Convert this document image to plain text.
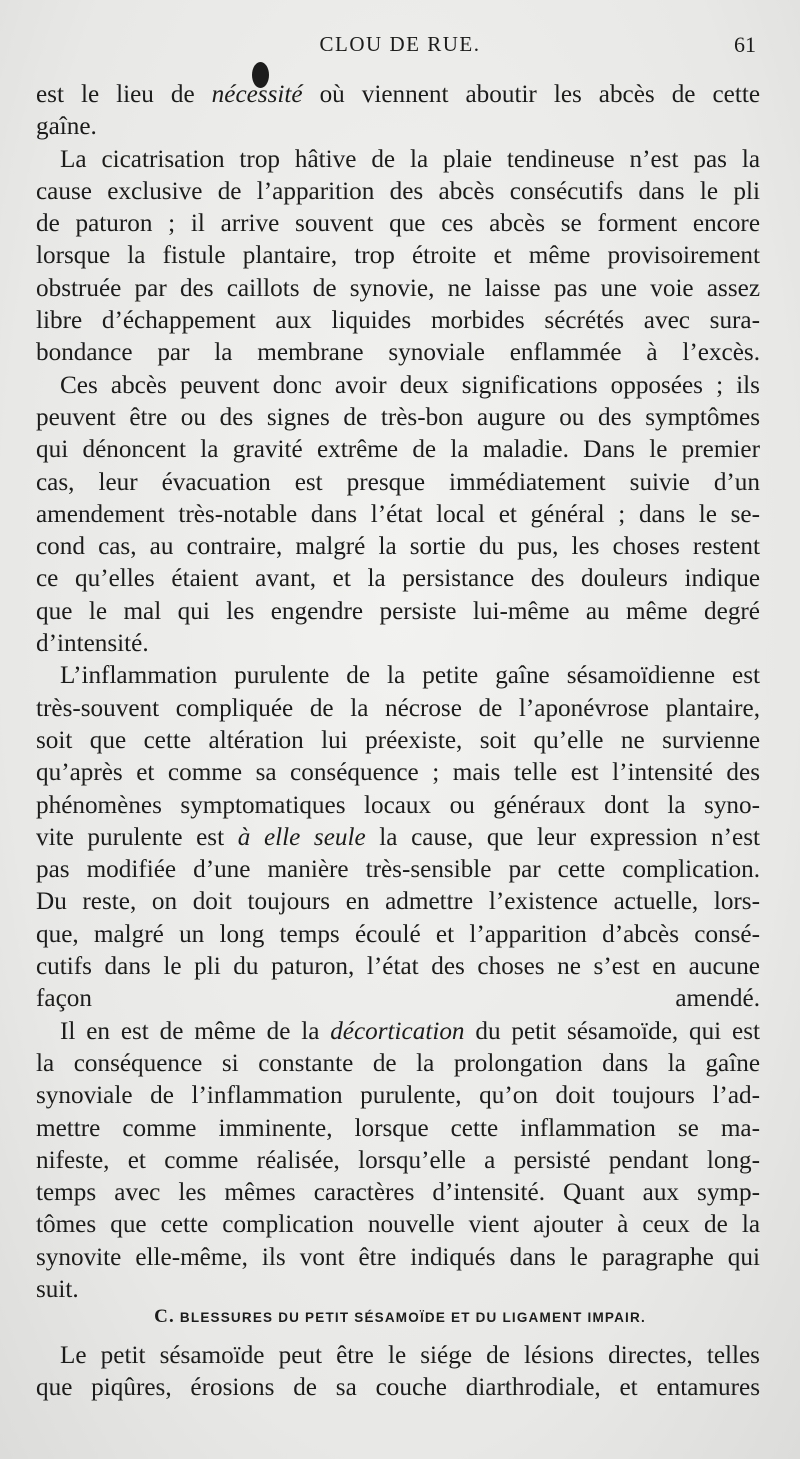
CLOU DE RUE.	61
est le lieu de nécessité où viennent aboutir les abcès de cette
gaîne.
La cicatrisation trop hâtive de la plaie tendineuse n’est pas la
cause exclusive de l’apparition des abcès consécutifs dans le pli
de paturon ; il arrive souvent que ces abcès se forment encore
lorsque la fistule plantaire, trop étroite et même provisoirement
obstruée par des caillots de synovie, ne laisse pas une voie assez
libre d’échappement aux liquides morbides sécrétés avec sura-
bondance par la membrane synoviale enflammée à l’excès.
Ces abcès peuvent donc avoir deux significations opposées ; ils
peuvent être ou des signes de très-bon augure ou des symptômes
qui dénoncent la gravité extrême de la maladie. Dans le premier
cas, leur évacuation est presque immédiatement suivie d’un
amendement très-notable dans l’état local et général ; dans le se-
cond cas, au contraire, malgré la sortie du pus, les choses restent
ce qu’elles étaient avant, et la persistance des douleurs indique
que le mal qui les engendre persiste lui-même au même degré
d’intensité.
L’inflammation purulente de la petite gaîne sésamoïdienne est
très-souvent compliquée de la nécrose de l’aponévrose plantaire,
soit que cette altération lui préexiste, soit qu’elle ne survienne
qu’après et comme sa conséquence ; mais telle est l’intensité des
phénomènes symptomatiques locaux ou généraux dont la syno-
vite purulente est à elle seule la cause, que leur expression n’est
pas modifiée d’une manière très-sensible par cette complication.
Du reste, on doit toujours en admettre l’existence actuelle, lors-
que, malgré un long temps écoulé et l’apparition d’abcès consé-
cutifs dans le pli du paturon, l’état des choses ne s’est en aucune
façon amendé.
Il en est de même de la décortication du petit sésamoïde, qui est
la conséquence si constante de la prolongation dans la gaîne
synoviale de l’inflammation purulente, qu’on doit toujours l’ad-
mettre comme imminente, lorsque cette inflammation se ma-
nifeste, et comme réalisée, lorsqu’elle a persisté pendant long-
temps avec les mêmes caractères d’intensité. Quant aux symp-
tômes que cette complication nouvelle vient ajouter à ceux de la
synovite elle-même, ils vont être indiqués dans le paragraphe qui
suit.
C. BLESSURES DU PETIT SÉSAMOÏDE ET DU LIGAMENT IMPAIR.
Le petit sésamoïde peut être le siége de lésions directes, telles
que piqûres, érosions de sa couche diarthrodiale, et entamures
